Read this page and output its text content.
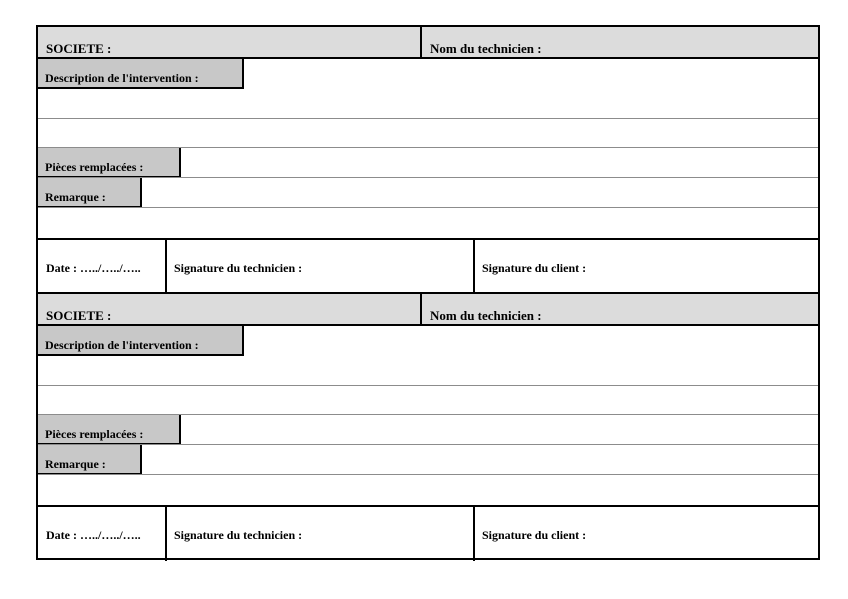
SOCIETE :	Nom du technicien :
Description de l'intervention :
Pièces remplacées :
Remarque :
Date : …../…../…..	Signature du technicien :	Signature du client :
SOCIETE :	Nom du technicien :
Description de l'intervention :
Pièces remplacées :
Remarque :
Date : …../…../…..	Signature du technicien :	Signature du client :
